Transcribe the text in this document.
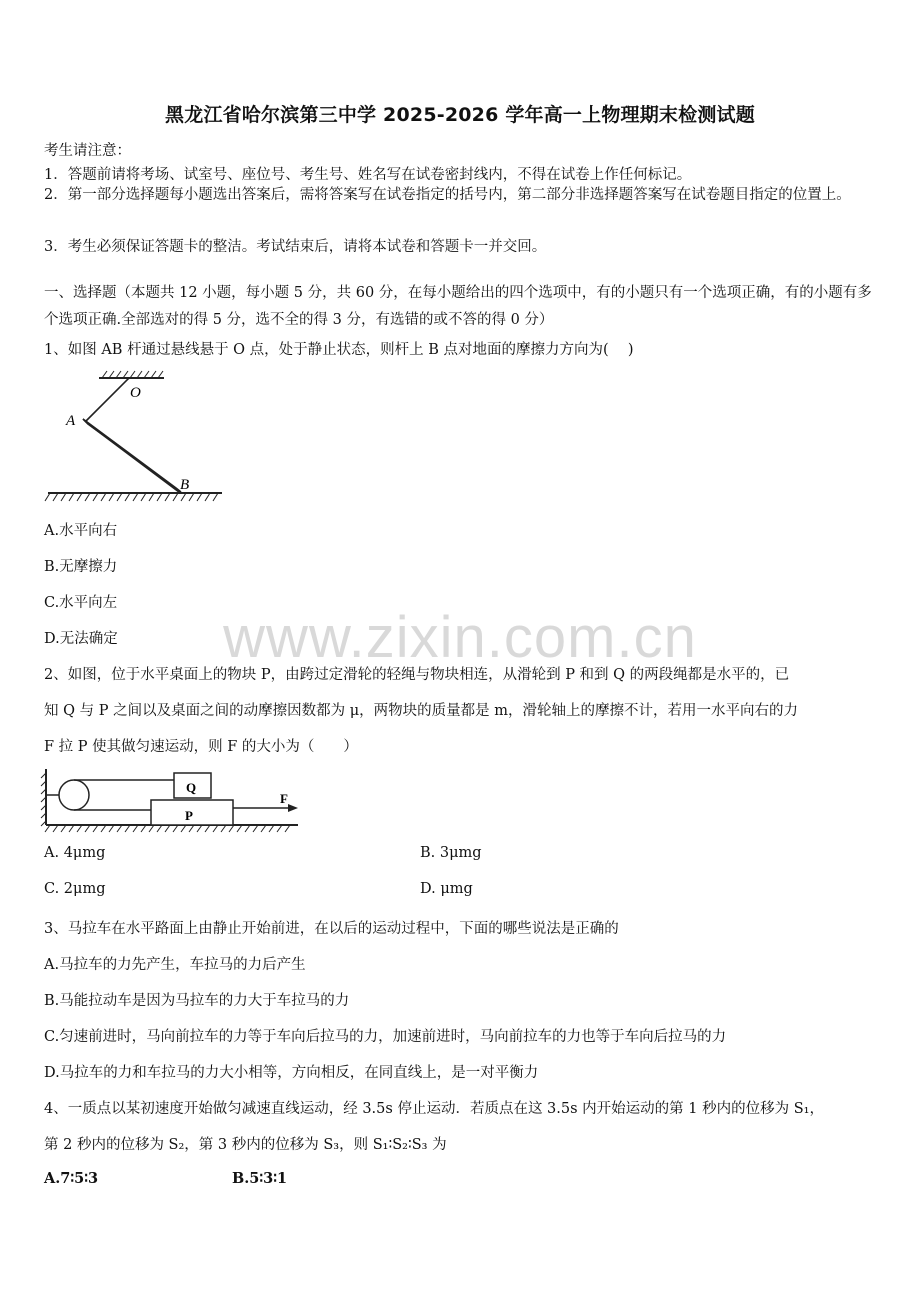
www.zixin.com.cn
黑龙江省哈尔滨第三中学 2025-2026 学年高一上物理期末检测试题
考生请注意：
1．答题前请将考场、试室号、座位号、考生号、姓名写在试卷密封线内，不得在试卷上作任何标记。
2．第一部分选择题每小题选出答案后，需将答案写在试卷指定的括号内，第二部分非选择题答案写在试卷题目指定的位置上。
3．考生必须保证答题卡的整洁。考试结束后，请将本试卷和答题卡一并交回。
一、选择题（本题共 12 小题，每小题 5 分，共 60 分，在每小题给出的四个选项中，有的小题只有一个选项正确，有的小题有多个选项正确.全部选对的得 5 分，选不全的得 3 分，有选错的或不答的得 0 分）
1、如图 AB 杆通过悬线悬于 O 点，处于静止状态，则杆上 B 点对地面的摩擦力方向为(　 )
O
A
B
A.水平向右
B.无摩擦力
C.水平向左
D.无法确定
2、如图，位于水平桌面上的物块 P，由跨过定滑轮的轻绳与物块相连，从滑轮到 P 和到 Q 的两段绳都是水平的，已
知 Q 与 P 之间以及桌面之间的动摩擦因数都为 μ，两物块的质量都是 m，滑轮轴上的摩擦不计，若用一水平向右的力
F 拉 P 使其做匀速运动，则 F 的大小为（　　）
Q
P
F
A. 4μmg	B. 3μmg
C. 2μmg	D. μmg
3、马拉车在水平路面上由静止开始前进，在以后的运动过程中，下面的哪些说法是正确的
A.马拉车的力先产生，车拉马的力后产生
B.马能拉动车是因为马拉车的力大于车拉马的力
C.匀速前进时，马向前拉车的力等于车向后拉马的力，加速前进时，马向前拉车的力也等于车向后拉马的力
D.马拉车的力和车拉马的力大小相等，方向相反，在同直线上，是一对平衡力
4、一质点以某初速度开始做匀减速直线运动，经 3.5s 停止运动．若质点在这 3.5s 内开始运动的第 1 秒内的位移为 S₁，
第 2 秒内的位移为 S₂，第 3 秒内的位移为 S₃，则 S₁∶S₂∶S₃ 为
A.7∶5∶3	B.5∶3∶1
